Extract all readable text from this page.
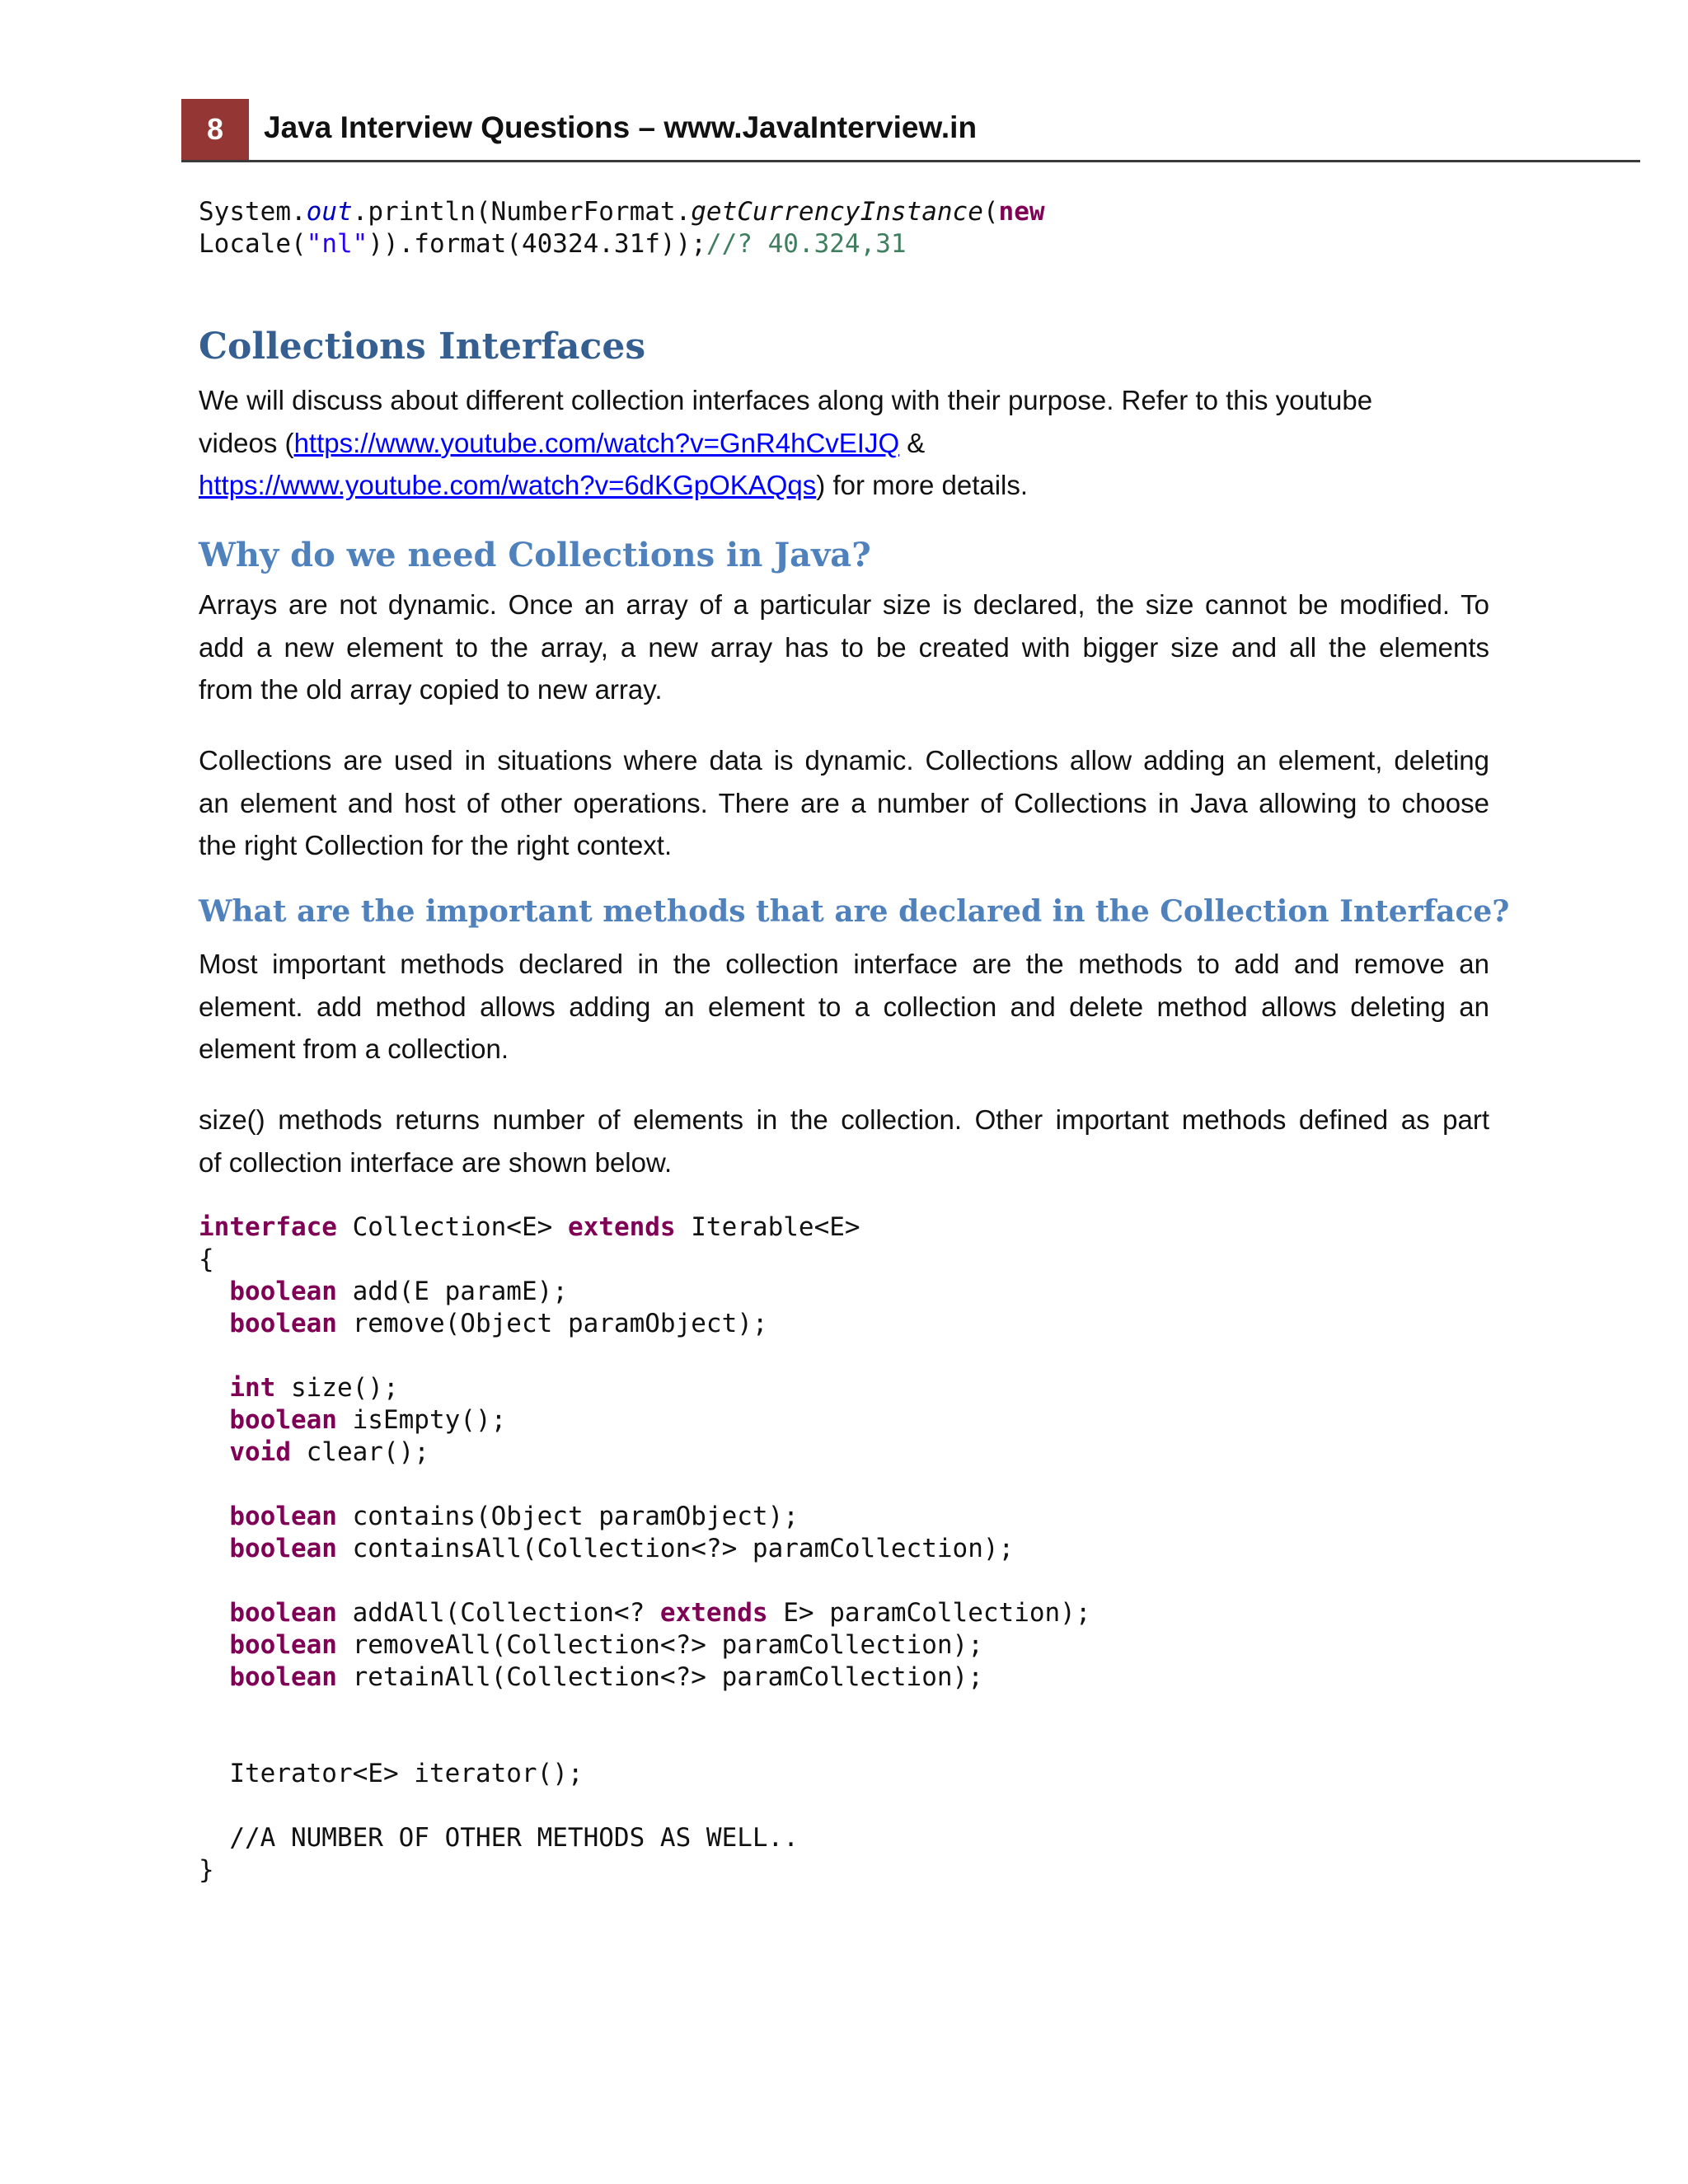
8	Java Interview Questions – www.JavaInterview.in
System.out.println(NumberFormat.getCurrencyInstance(new
Locale("nl")).format(40324.31f));//? 40.324,31
Collections Interfaces
We will discuss about different collection interfaces along with their purpose. Refer to this youtube
videos (https://www.youtube.com/watch?v=GnR4hCvEIJQ &
https://www.youtube.com/watch?v=6dKGpOKAQqs) for more details.
Why do we need Collections in Java?
Arrays are not dynamic. Once an array of a particular size is declared, the size cannot be modified. To
add a new element to the array, a new array has to be created with bigger size and all the elements
from the old array copied to new array.
Collections are used in situations where data is dynamic. Collections allow adding an element, deleting
an element and host of other operations. There are a number of Collections in Java allowing to choose
the right Collection for the right context.
What are the important methods that are declared in the Collection Interface?
Most important methods declared in the collection interface are the methods to add and remove an
element. add method allows adding an element to a collection and delete method allows deleting an
element from a collection.
size() methods returns number of elements in the collection. Other important methods defined as part
of collection interface are shown below.
interface Collection<E> extends Iterable<E>
{
boolean add(E paramE);
boolean remove(Object paramObject);

int size();
boolean isEmpty();
void clear();

boolean contains(Object paramObject);
boolean containsAll(Collection<?> paramCollection);

boolean addAll(Collection<? extends E> paramCollection);
boolean removeAll(Collection<?> paramCollection);
boolean retainAll(Collection<?> paramCollection);

Iterator<E> iterator();

//A NUMBER OF OTHER METHODS AS WELL..
}
